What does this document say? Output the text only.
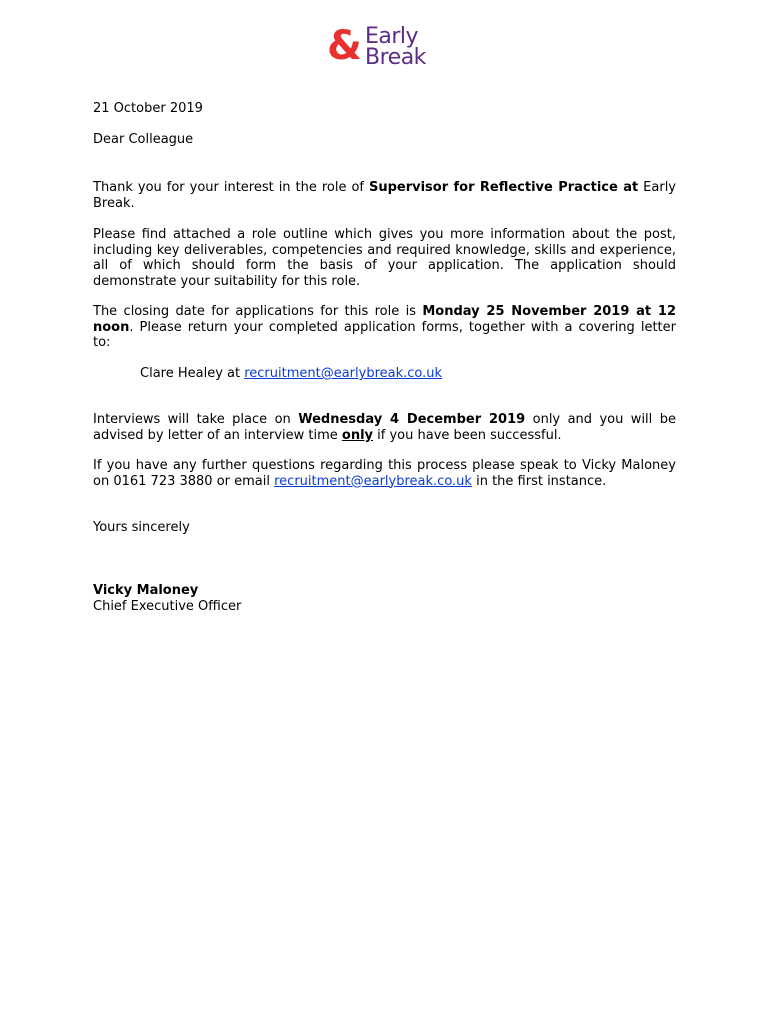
& Early
Break

21 October 2019

Dear Colleague

Thank you for your interest in the role of Supervisor for Reflective Practice at Early Break.

Please find attached a role outline which gives you more information about the post, including key deliverables, competencies and required knowledge, skills and experience, all of which should form the basis of your application. The application should demonstrate your suitability for this role.

The closing date for applications for this role is Monday 25 November 2019 at 12 noon. Please return your completed application forms, together with a covering letter to:

Clare Healey at recruitment@earlybreak.co.uk

Interviews will take place on Wednesday 4 December 2019 only and you will be advised by letter of an interview time only if you have been successful.

If you have any further questions regarding this process please speak to Vicky Maloney on 0161 723 3880 or email recruitment@earlybreak.co.uk in the first instance.

Yours sincerely

Vicky Maloney

Chief Executive Officer
